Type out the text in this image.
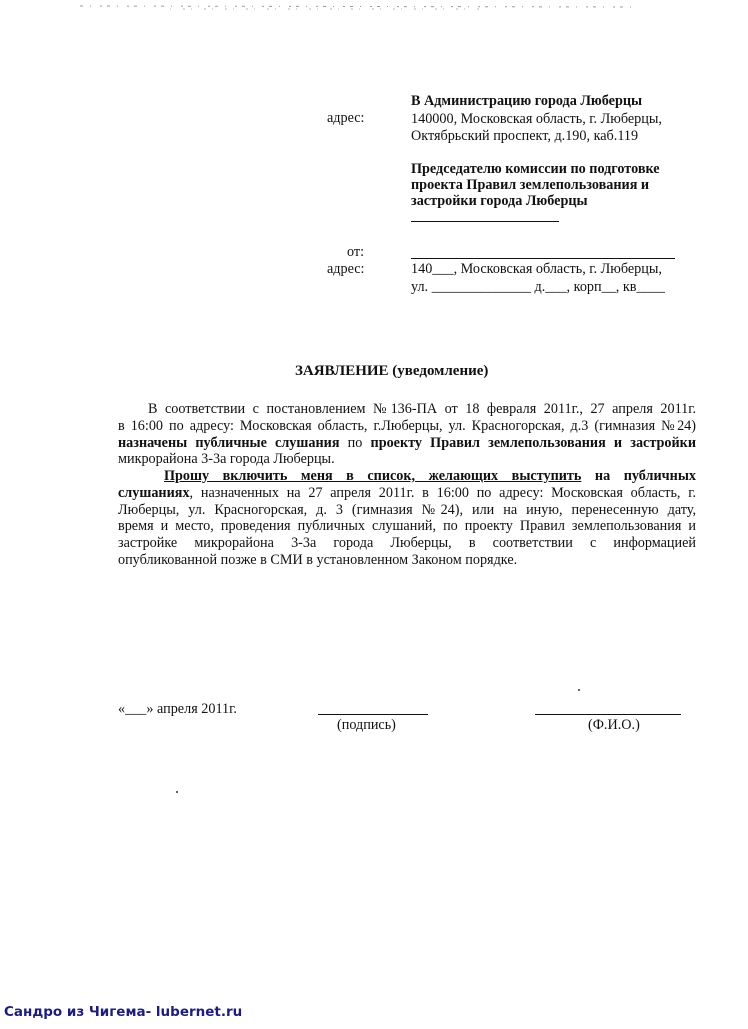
адрес:
В Администрацию города Люберцы
140000, Московская область, г. Люберцы,
Октябрьский проспект, д.190, каб.119
Председателю комиссии по подготовке
проекта Правил землепользования и
застройки города Люберцы
от:
адрес:	140___, Московская область, г. Люберцы,
ул. ______________ д.___, корп__, кв____
ЗАЯВЛЕНИЕ (уведомление)
В соответствии с постановлением №136-ПА от 18 февраля 2011г., 27 апреля 2011г.
в 16:00 по адресу: Московская область, г.Люберцы, ул. Красногорская, д.3 (гимназия №24)
назначены публичные слушания по проекту Правил землепользования и застройки
микрорайона 3-3а города Люберцы.
Прошу включить меня в список, желающих выступить на публичных
слушаниях, назначенных на 27 апреля 2011г. в 16:00 по адресу: Московская область, г.
Люберцы, ул. Красногорская, д. 3 (гимназия №24), или на иную, перенесенную дату,
время и место, проведения публичных слушаний, по проекту Правил землепользования и
застройке микрорайона 3-3а города Люберцы, в соответствии с информацией
опубликованной позже в СМИ в установленном Законом порядке.
«___» апреля 2011г.
(подпись)	(Ф.И.О.)
Сандро из Чигема- lubernet.ru
